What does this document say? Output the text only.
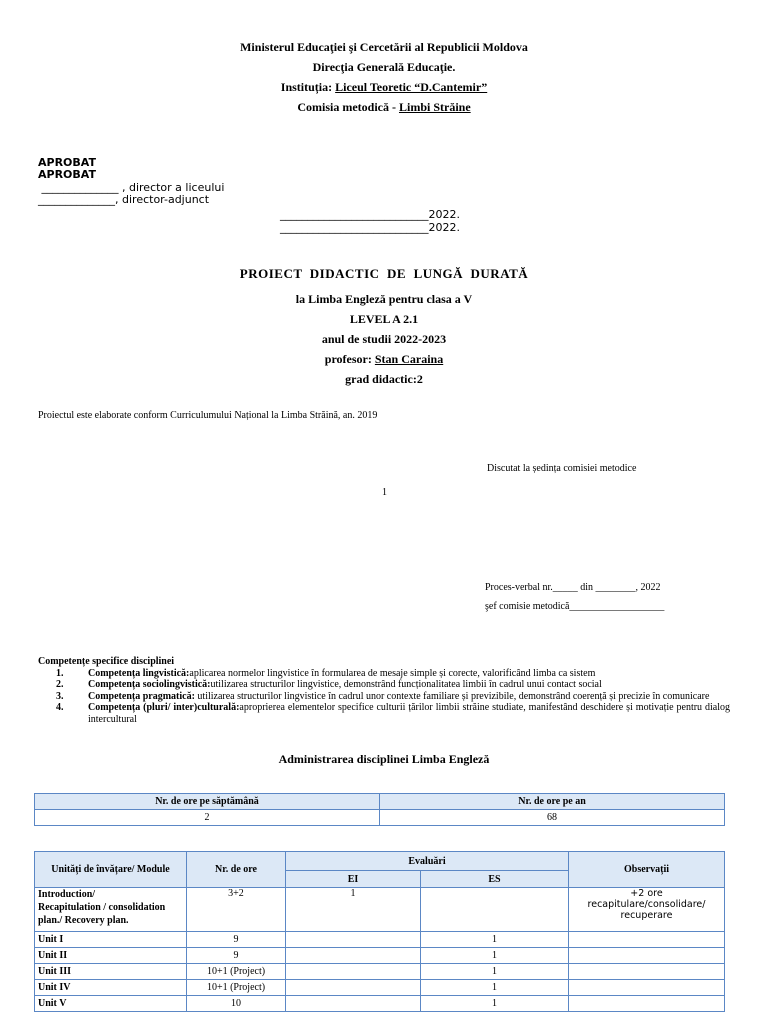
Ministerul Educaţiei şi Cercetării al Republicii Moldova
Direcţia Generală Educaţie.
Instituția: Liceul Teoretic “D.Cantemir”
Comisia metodică - Limbi Străine
APROBAT
APROBAT
______________ , director a liceului
______________, director-adjunct
___________________________2022.
___________________________2022.
PROIECT  DIDACTIC  DE  LUNGĂ  DURATĂ
la Limba Engleză pentru clasa a V
LEVEL A 2.1
anul de studii 2022-2023
profesor: Stan Caraina
grad didactic:2
Proiectul este elaborate conform Curriculumului Național la Limba Străină, an. 2019
Discutat la ședința comisiei metodice
1
Proces-verbal nr._____ din ________, 2022
şef comisie metodică___________________
Competențe specifice disciplinei
1. Competența lingvistică:aplicarea normelor lingvistice în formularea de mesaje simple și corecte, valorificând limba ca sistem
2. Competența sociolingvistică:utilizarea structurilor lingvistice, demonstrând funcționalitatea limbii în cadrul unui contact social
3. Competența pragmatică: utilizarea structurilor lingvistice în cadrul unor contexte familiare și previzibile, demonstrând coerență și precizie în comunicare
4. Competența (pluri/ inter)culturală:aproprierea elementelor specifice culturii țărilor limbii străine studiate, manifestând deschidere și motivație pentru dialog intercultural
Administrarea disciplinei Limba Engleză
Nr. de ore pe săptămână	Nr. de ore pe an
2	68
Unități de învățare/ Module	Nr. de ore	Evaluări		Observații
		EI	ES	

Introduction/
Recapitulation / consolidation plan./ Recovery plan.	3+2	1		+2 ore recapitulare/consolidare/ recuperare
Unit I	9		1	
Unit II	9		1	
Unit III	10+1 (Project)		1	
Unit IV	10+1 (Project)		1	
Unit V	10		1	
